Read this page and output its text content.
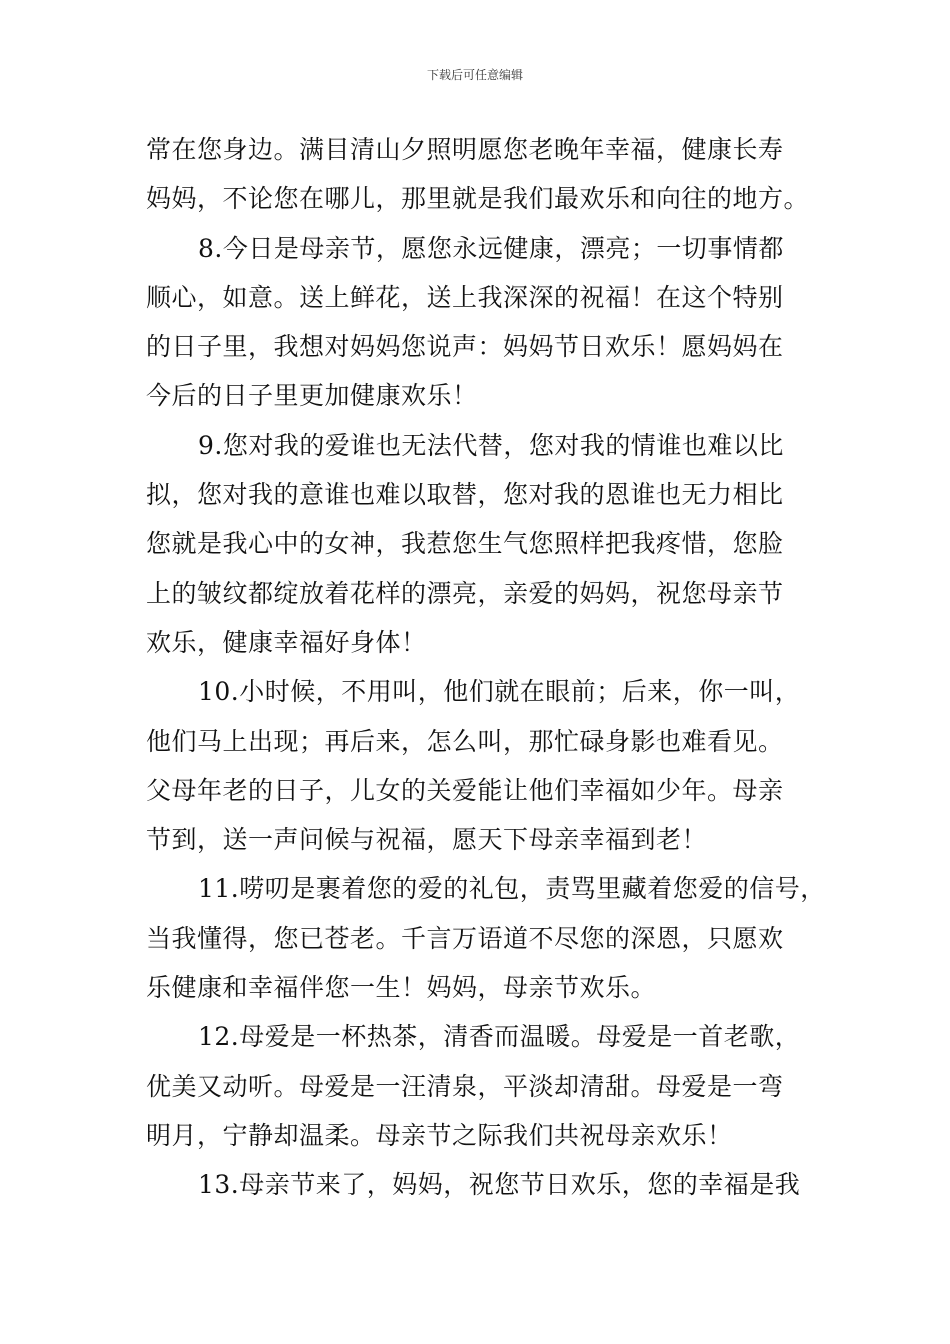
下载后可任意编辑
常在您身边。满目清山夕照明愿您老晚年幸福，健康长寿
妈妈，不论您在哪儿，那里就是我们最欢乐和向往的地方。
8.今日是母亲节，愿您永远健康，漂亮；一切事情都
顺心，如意。送上鲜花，送上我深深的祝福！在这个特别
的日子里，我想对妈妈您说声：妈妈节日欢乐！愿妈妈在
今后的日子里更加健康欢乐！
9.您对我的爱谁也无法代替，您对我的情谁也难以比
拟，您对我的意谁也难以取替，您对我的恩谁也无力相比
您就是我心中的女神，我惹您生气您照样把我疼惜，您脸
上的皱纹都绽放着花样的漂亮，亲爱的妈妈，祝您母亲节
欢乐，健康幸福好身体！
10.小时候，不用叫，他们就在眼前；后来，你一叫，
他们马上出现；再后来，怎么叫，那忙碌身影也难看见。
父母年老的日子，儿女的关爱能让他们幸福如少年。母亲
节到，送一声问候与祝福，愿天下母亲幸福到老！
11.唠叨是裹着您的爱的礼包，责骂里藏着您爱的信号，
当我懂得，您已苍老。千言万语道不尽您的深恩，只愿欢
乐健康和幸福伴您一生！妈妈，母亲节欢乐。
12.母爱是一杯热茶，清香而温暖。母爱是一首老歌，
优美又动听。母爱是一汪清泉，平淡却清甜。母爱是一弯
明月，宁静却温柔。母亲节之际我们共祝母亲欢乐！
13.母亲节来了，妈妈，祝您节日欢乐，您的幸福是我
